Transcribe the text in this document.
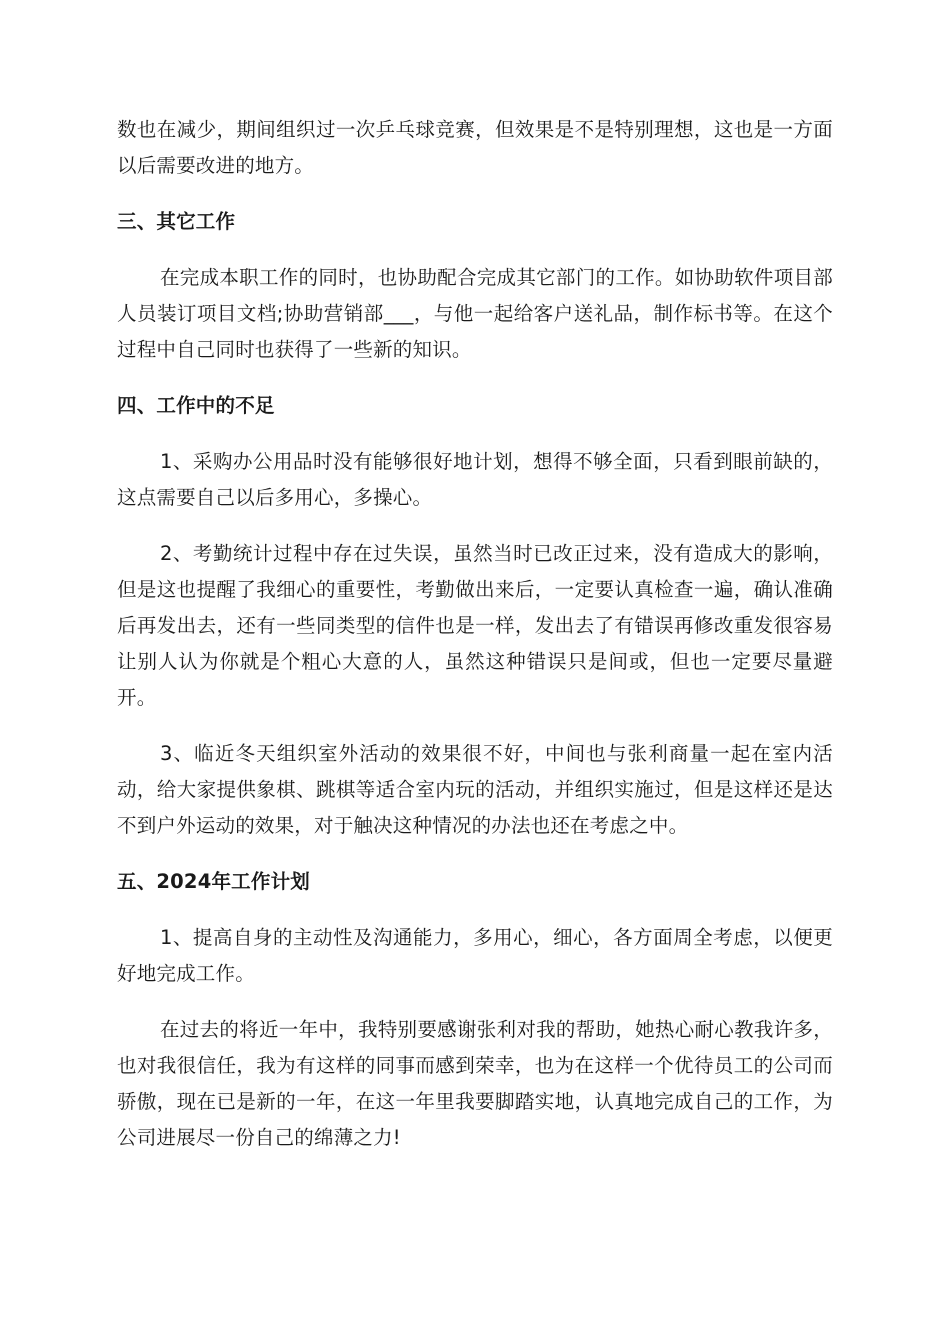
数也在减少，期间组织过一次乒乓球竞赛，但效果是不是特别理想，这也是一方面以后需要改进的地方。

三、其它工作

在完成本职工作的同时，也协助配合完成其它部门的工作。如协助软件项目部人员装订项目文档;协助营销部___，与他一起给客户送礼品，制作标书等。在这个过程中自己同时也获得了一些新的知识。

四、工作中的不足

1、采购办公用品时没有能够很好地计划，想得不够全面，只看到眼前缺的，这点需要自己以后多用心，多操心。

2、考勤统计过程中存在过失误，虽然当时已改正过来，没有造成大的影响，但是这也提醒了我细心的重要性，考勤做出来后，一定要认真检查一遍，确认准确后再发出去，还有一些同类型的信件也是一样，发出去了有错误再修改重发很容易让别人认为你就是个粗心大意的人，虽然这种错误只是间或，但也一定要尽量避开。

3、临近冬天组织室外活动的效果很不好，中间也与张利商量一起在室内活动，给大家提供象棋、跳棋等适合室内玩的活动，并组织实施过，但是这样还是达不到户外运动的效果，对于触决这种情况的办法也还在考虑之中。

五、2024年工作计划

1、提高自身的主动性及沟通能力，多用心，细心，各方面周全考虑，以便更好地完成工作。

在过去的将近一年中，我特别要感谢张利对我的帮助，她热心耐心教我许多，也对我很信任，我为有这样的同事而感到荣幸，也为在这样一个优待员工的公司而骄傲，现在已是新的一年，在这一年里我要脚踏实地，认真地完成自己的工作，为公司进展尽一份自己的绵薄之力!
